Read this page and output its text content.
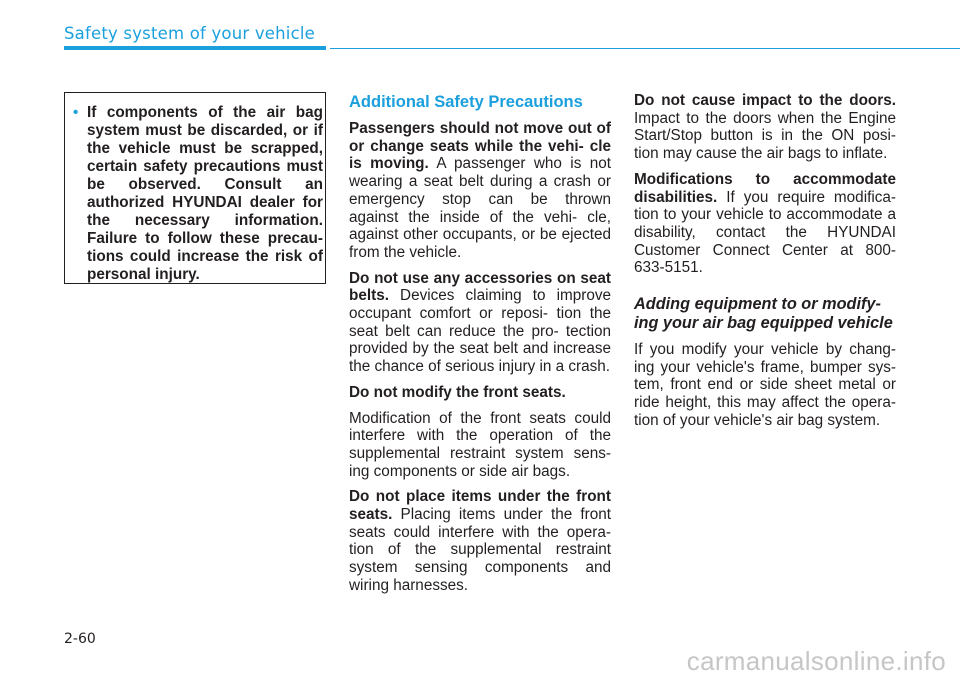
Safety system of your vehicle
• If components of the air bag system must be discarded, or if the vehicle must be scrapped, certain safety precautions must be observed. Consult an authorized HYUNDAI dealer for the necessary information. Failure to follow these precau- tions could increase the risk of personal injury.

Additional Safety Precautions

Passengers should not move out of or change seats while the vehi- cle is moving. A passenger who is not wearing a seat belt during a crash or emergency stop can be thrown against the inside of the vehi- cle, against other occupants, or be ejected from the vehicle.

Do not use any accessories on seat belts. Devices claiming to improve occupant comfort or reposi- tion the seat belt can reduce the pro- tection provided by the seat belt and increase the chance of serious injury in a crash.

Do not modify the front seats.

Modification of the front seats could interfere with the operation of the supplemental restraint system sens- ing components or side air bags.

Do not place items under the front seats. Placing items under the front seats could interfere with the opera- tion of the supplemental restraint system sensing components and wiring harnesses.

Do not cause impact to the doors. Impact to the doors when the Engine Start/Stop button is in the ON posi- tion may cause the air bags to inflate.

Modifications to accommodate disabilities. If you require modifica- tion to your vehicle to accommodate a disability, contact the HYUNDAI Customer Connect Center at 800- 633-5151.

Adding equipment to or modify- ing your air bag equipped vehicle

If you modify your vehicle by chang- ing your vehicle's frame, bumper sys- tem, front end or side sheet metal or ride height, this may affect the opera- tion of your vehicle's air bag system.

2-60
carmanualsonline.info
